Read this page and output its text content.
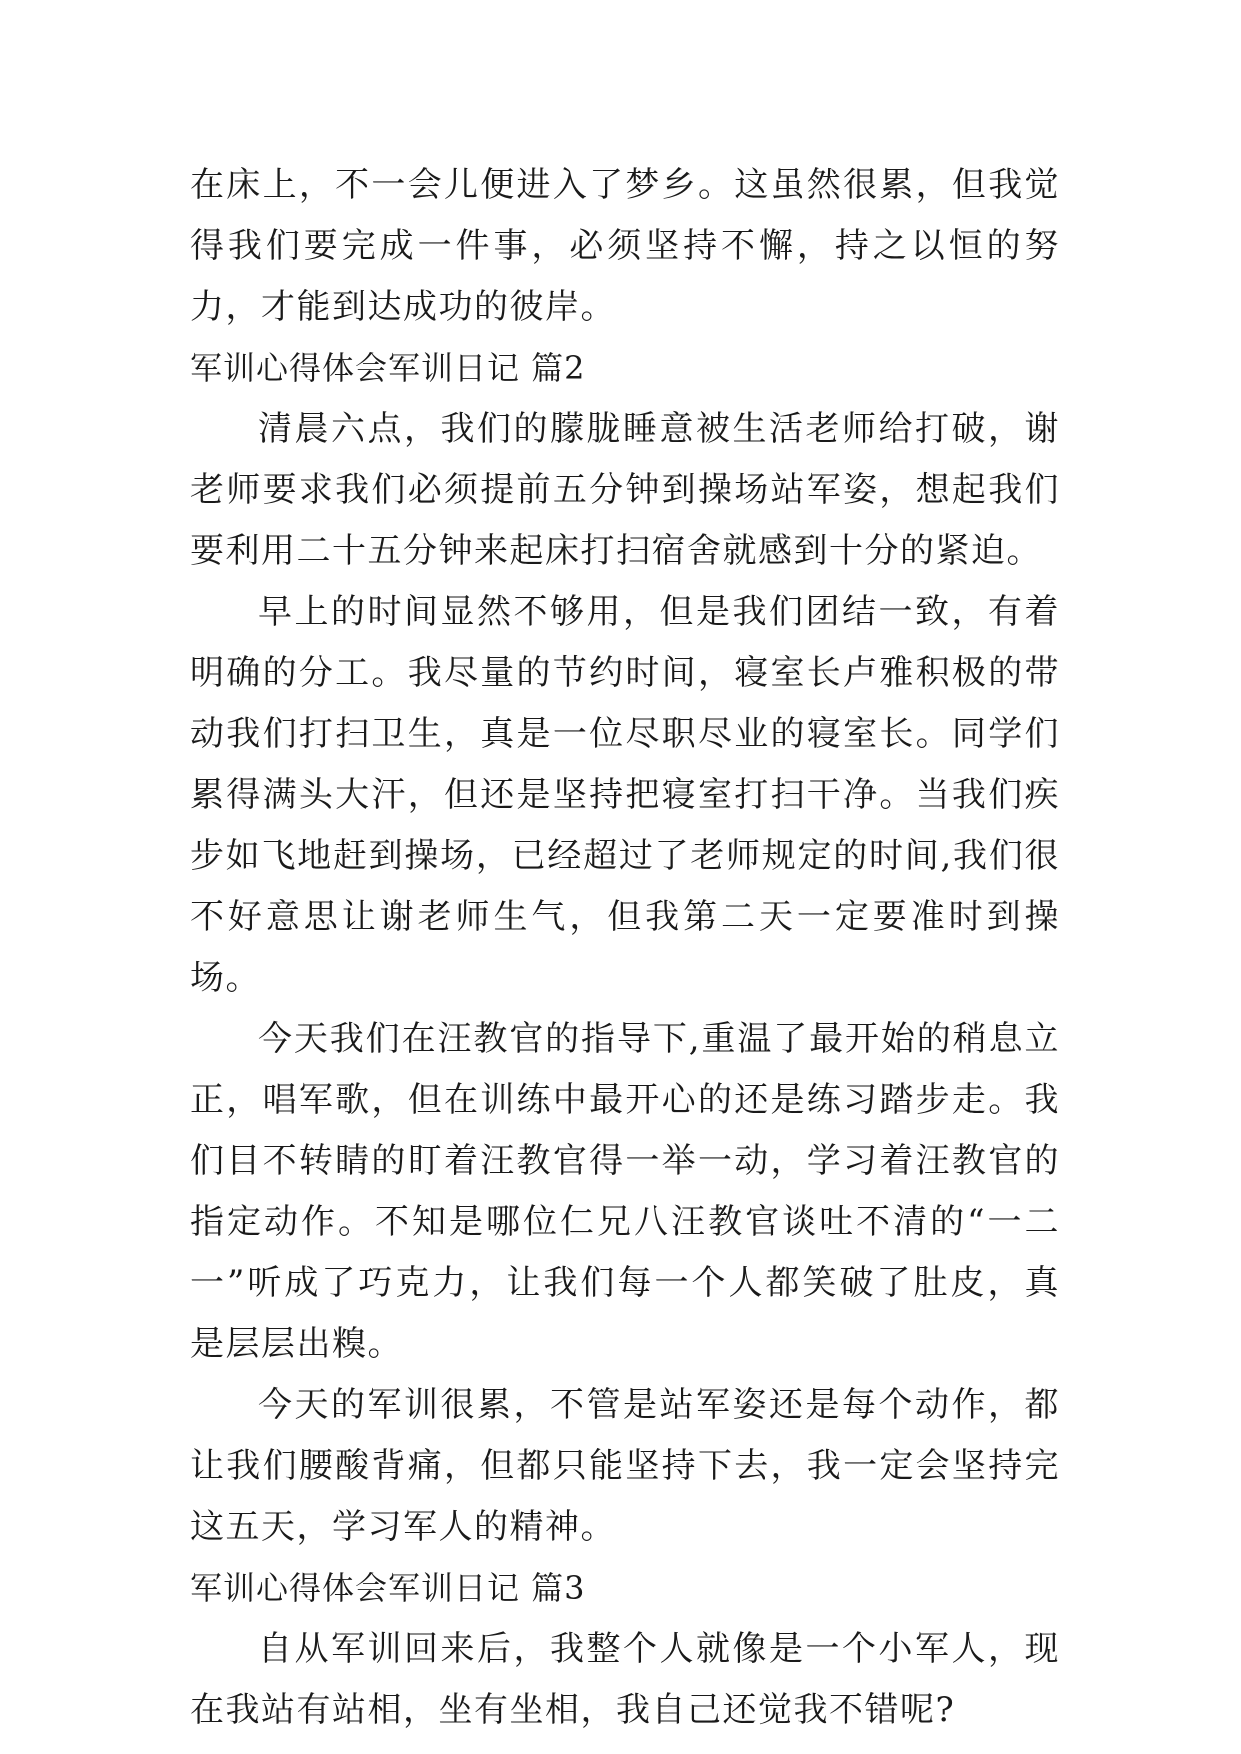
在床上，不一会儿便进入了梦乡。这虽然很累，但我觉得我们要完成一件事，必须坚持不懈，持之以恒的努力，才能到达成功的彼岸。

军训心得体会军训日记 篇2

清晨六点，我们的朦胧睡意被生活老师给打破，谢老师要求我们必须提前五分钟到操场站军姿，想起我们要利用二十五分钟来起床打扫宿舍就感到十分的紧迫。

早上的时间显然不够用，但是我们团结一致，有着明确的分工。我尽量的节约时间，寝室长卢雅积极的带动我们打扫卫生，真是一位尽职尽业的寝室长。同学们累得满头大汗，但还是坚持把寝室打扫干净。当我们疾步如飞地赶到操场，已经超过了老师规定的时间,我们很不好意思让谢老师生气，但我第二天一定要准时到操场。

今天我们在汪教官的指导下,重温了最开始的稍息立正，唱军歌，但在训练中最开心的还是练习踏步走。我们目不转睛的盯着汪教官得一举一动，学习着汪教官的指定动作。不知是哪位仁兄八汪教官谈吐不清的“一二一”听成了巧克力，让我们每一个人都笑破了肚皮，真是层层出糗。

今天的军训很累，不管是站军姿还是每个动作，都让我们腰酸背痛，但都只能坚持下去，我一定会坚持完这五天，学习军人的精神。

军训心得体会军训日记 篇3

自从军训回来后，我整个人就像是一个小军人，现在我站有站相，坐有坐相，我自己还觉我不错呢?
